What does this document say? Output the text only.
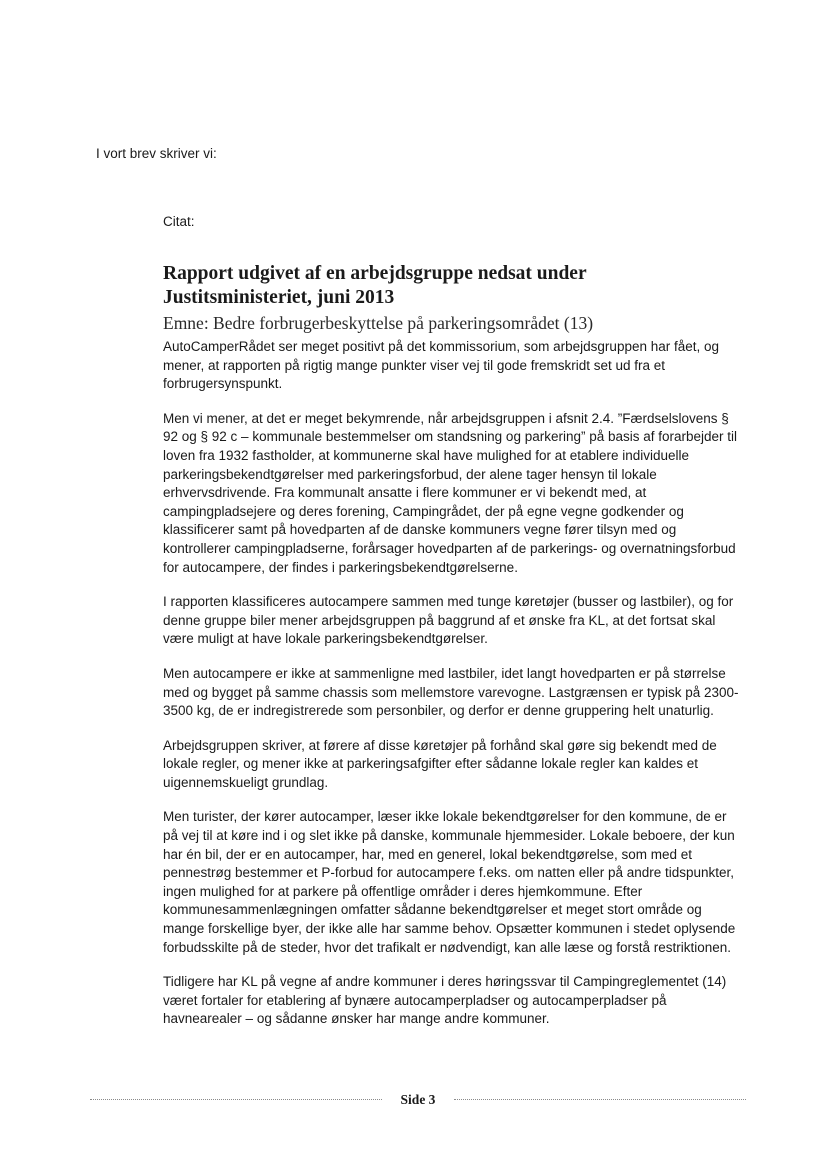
I vort brev skriver vi:
Citat:
Rapport udgivet af en arbejdsgruppe nedsat under
Justitsministeriet, juni 2013

Emne: Bedre forbrugerbeskyttelse på parkeringsområdet (13)

AutoCamperRådet ser meget positivt på det kommissorium, som arbejdsgruppen har fået, og mener, at rapporten på rigtig mange punkter viser vej til gode fremskridt set ud fra et forbrugersynspunkt.

Men vi mener, at det er meget bekymrende, når arbejdsgruppen i afsnit 2.4. ”Færdselslovens § 92 og § 92 c – kommunale bestemmelser om standsning og parkering” på basis af forarbejder til loven fra 1932 fastholder, at kommunerne skal have mulighed for at etablere individuelle parkeringsbekendtgørelser med parkeringsforbud, der alene tager hensyn til lokale erhvervsdrivende. Fra kommunalt ansatte i flere kommuner er vi bekendt med, at campingpladsejere og deres forening, Campingrådet, der på egne vegne godkender og klassificerer samt på hovedparten af de danske kommuners vegne fører tilsyn med og kontrollerer campingpladserne, forårsager hovedparten af de parkerings- og overnatningsforbud for autocampere, der findes i parkeringsbekendtgørelserne.

I rapporten klassificeres autocampere sammen med tunge køretøjer (busser og lastbiler), og for denne gruppe biler mener arbejdsgruppen på baggrund af et ønske fra KL, at det fortsat skal være muligt at have lokale parkeringsbekendtgørelser.

Men autocampere er ikke at sammenligne med lastbiler, idet langt hovedparten er på størrelse med og bygget på samme chassis som mellemstore varevogne. Lastgrænsen er typisk på 2300-3500 kg, de er indregistrerede som personbiler, og derfor er denne gruppering helt unaturlig.

Arbejdsgruppen skriver, at førere af disse køretøjer på forhånd skal gøre sig bekendt med de lokale regler, og mener ikke at parkeringsafgifter efter sådanne lokale regler kan kaldes et uigennemskueligt grundlag.

Men turister, der kører autocamper, læser ikke lokale bekendtgørelser for den kommune, de er på vej til at køre ind i og slet ikke på danske, kommunale hjemmesider. Lokale beboere, der kun har én bil, der er en autocamper, har, med en generel, lokal bekendtgørelse, som med et pennestrøg bestemmer et P-forbud for autocampere f.eks. om natten eller på andre tidspunkter, ingen mulighed for at parkere på offentlige områder i deres hjemkommune. Efter kommunesammenlægningen omfatter sådanne bekendtgørelser et meget stort område og mange forskellige byer, der ikke alle har samme behov. Opsætter kommunen i stedet oplysende forbudsskilte på de steder, hvor det trafikalt er nødvendigt, kan alle læse og forstå restriktionen.

Tidligere har KL på vegne af andre kommuner i deres høringssvar til Campingreglementet (14) været fortaler for etablering af bynære autocamperpladser og autocamperpladser på havnearealer – og sådanne ønsker har mange andre kommuner.

Side 3
